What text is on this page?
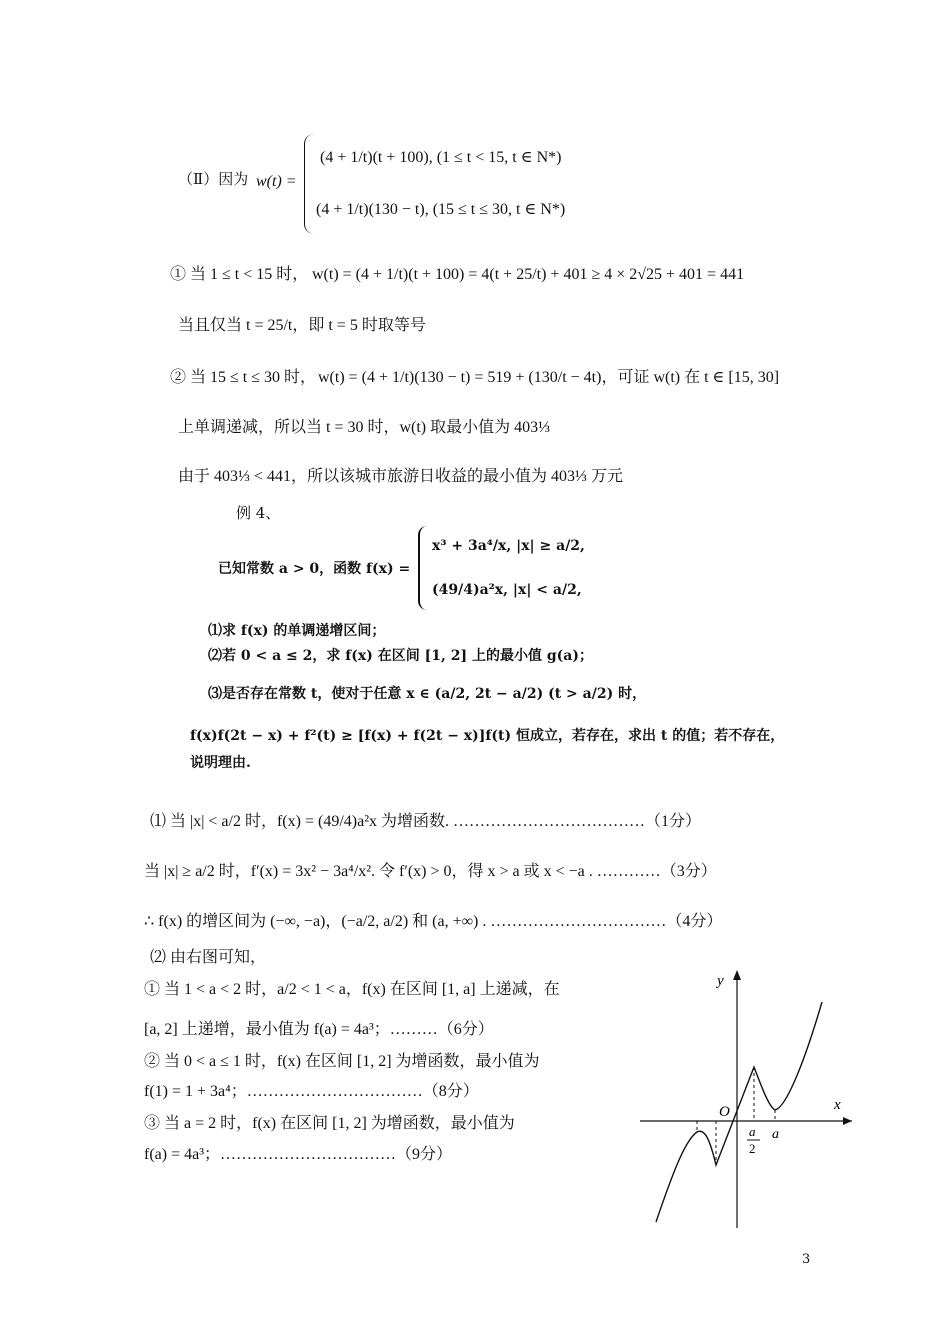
（Ⅱ）因为 w(t) =
(4 + 1/t)(t + 100), (1 ≤ t < 15, t ∈ N*)
(4 + 1/t)(130 − t), (15 ≤ t ≤ 30, t ∈ N*)
① 当 1 ≤ t < 15 时， w(t) = (4 + 1/t)(t + 100) = 4(t + 25/t) + 401 ≥ 4 × 2√25 + 401 = 441
当且仅当 t = 25/t，即 t = 5 时取等号
② 当 15 ≤ t ≤ 30 时， w(t) = (4 + 1/t)(130 − t) = 519 + (130/t − 4t)，可证 w(t) 在 t ∈ [15, 30]
上单调递减，所以当 t = 30 时，w(t) 取最小值为 403⅓
由于 403⅓ < 441，所以该城市旅游日收益的最小值为 403⅓ 万元
例 4、
已知常数 a > 0，函数 f(x) =
x³ + 3a⁴/x, |x| ≥ a/2,
(49/4)a²x, |x| < a/2,
⑴求 f(x) 的单调递增区间；
⑵若 0 < a ≤ 2，求 f(x) 在区间 [1, 2] 上的最小值 g(a)；
⑶是否存在常数 t，使对于任意 x ∈ (a/2, 2t − a/2) (t > a/2) 时，
f(x)f(2t − x) + f²(t) ≥ [f(x) + f(2t − x)]f(t) 恒成立，若存在，求出 t 的值；若不存在，
说明理由.
⑴ 当 |x| < a/2 时，f(x) = (49/4)a²x 为增函数. ………………………………（1分）
当 |x| ≥ a/2 时，f′(x) = 3x² − 3a⁴/x². 令 f′(x) > 0，得 x > a 或 x < −a . …………（3分）
∴ f(x) 的增区间为 (−∞, −a)，(−a/2, a/2) 和 (a, +∞) . ……………………………（4分）
⑵ 由右图可知，
① 当 1 < a < 2 时，a/2 < 1 < a，f(x) 在区间 [1, a] 上递减，在
[a, 2] 上递增，最小值为 f(a) = 4a³；………（6分）
② 当 0 < a ≤ 1 时，f(x) 在区间 [1, 2] 为增函数，最小值为
f(1) = 1 + 3a⁴；……………………………（8分）
③ 当 a = 2 时，f(x) 在区间 [1, 2] 为增函数，最小值为
f(a) = 4a³；……………………………（9分）
y
x
O
a
2
a
3
